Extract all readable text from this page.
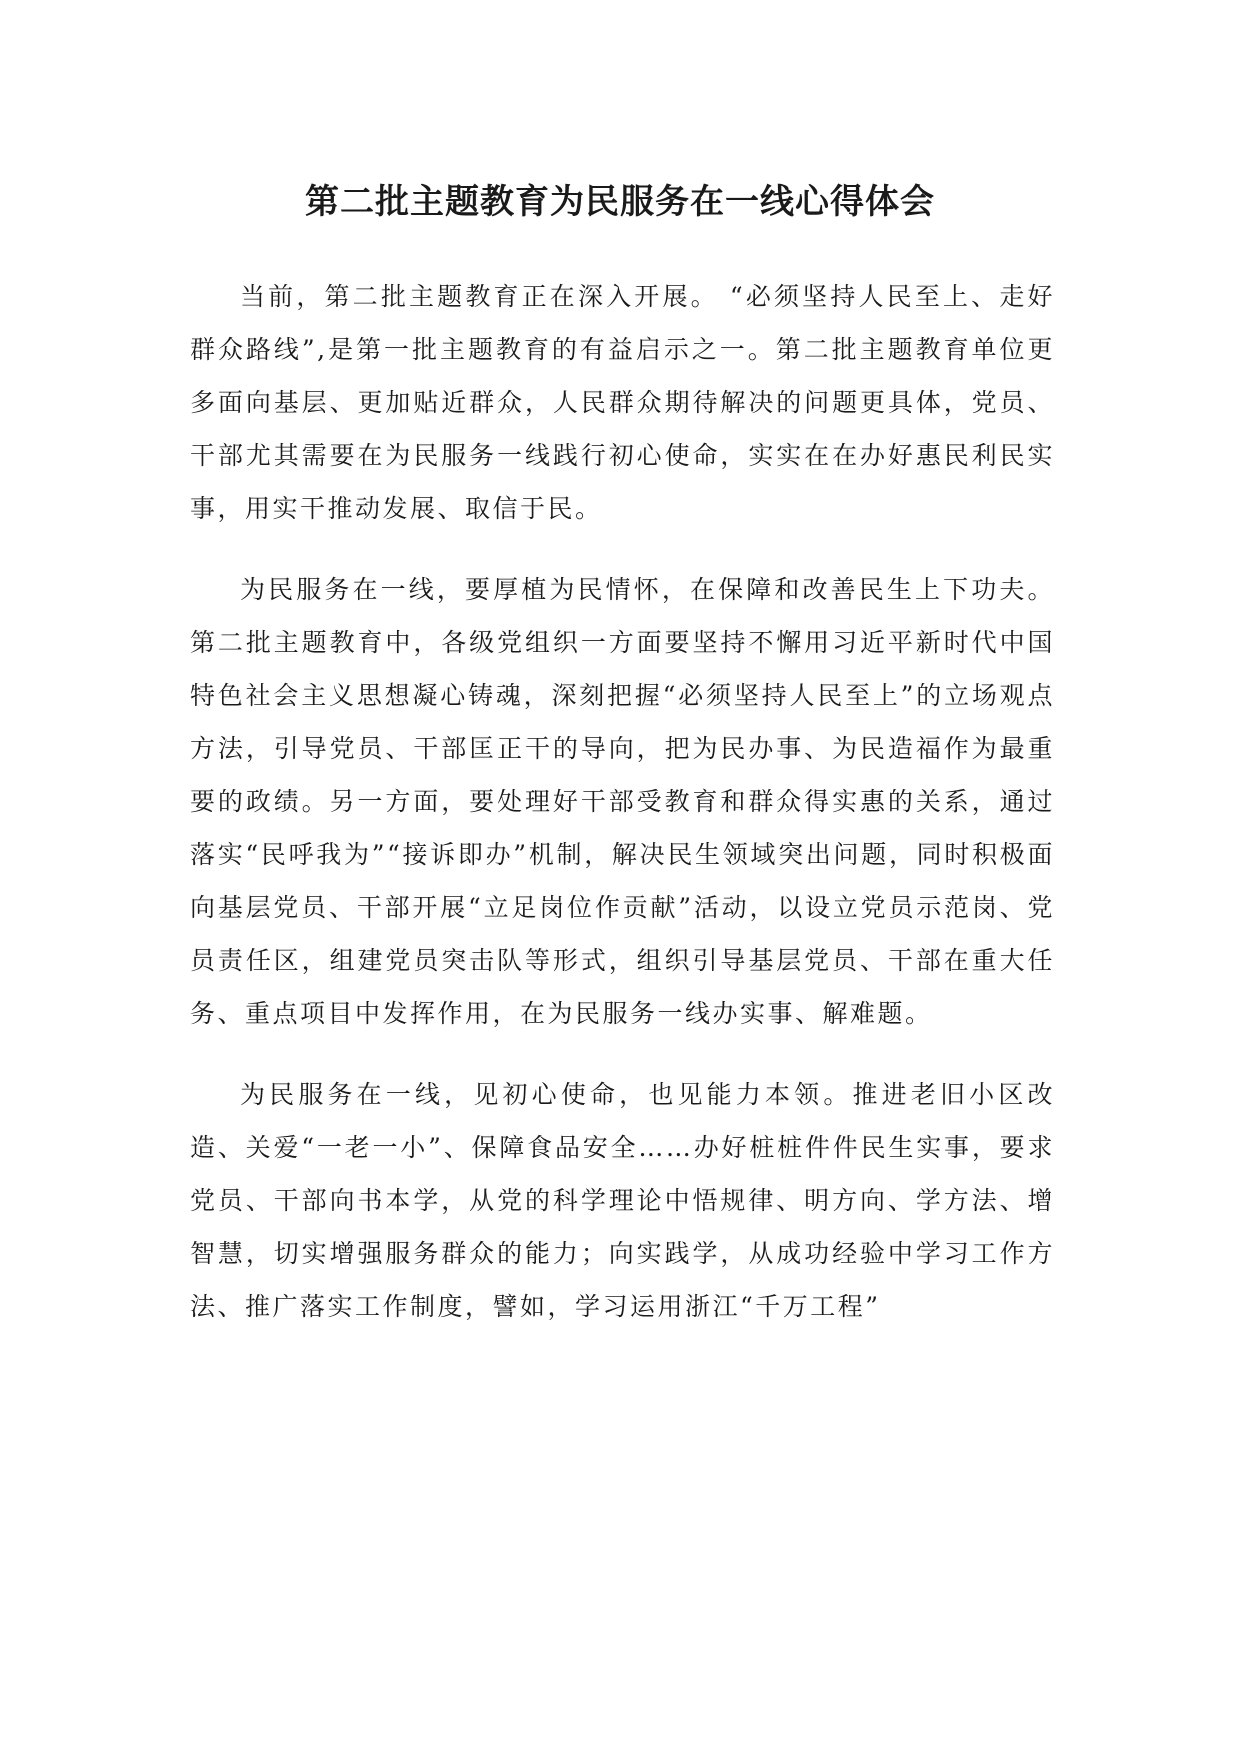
第二批主题教育为民服务在一线心得体会

当前，第二批主题教育正在深入开展。 “必须坚持人民至上、走好群众路线”,是第一批主题教育的有益启示之一。第二批主题教育单位更多面向基层、更加贴近群众，人民群众期待解决的问题更具体，党员、干部尤其需要在为民服务一线践行初心使命，实实在在办好惠民利民实事，用实干推动发展、取信于民。

为民服务在一线，要厚植为民情怀，在保障和改善民生上下功夫。第二批主题教育中，各级党组织一方面要坚持不懈用习近平新时代中国特色社会主义思想凝心铸魂，深刻把握“必须坚持人民至上”的立场观点方法，引导党员、干部匡正干的导向，把为民办事、为民造福作为最重要的政绩。另一方面，要处理好干部受教育和群众得实惠的关系，通过落实“民呼我为”“接诉即办”机制，解决民生领域突出问题，同时积极面向基层党员、干部开展“立足岗位作贡献”活动，以设立党员示范岗、党员责任区，组建党员突击队等形式，组织引导基层党员、干部在重大任务、重点项目中发挥作用，在为民服务一线办实事、解难题。

为民服务在一线，见初心使命，也见能力本领。推进老旧小区改造、关爱“一老一小”、保障食品安全……办好桩桩件件民生实事，要求党员、干部向书本学，从党的科学理论中悟规律、明方向、学方法、增智慧，切实增强服务群众的能力；向实践学，从成功经验中学习工作方法、推广落实工作制度，譬如，学习运用浙江“千万工程”
